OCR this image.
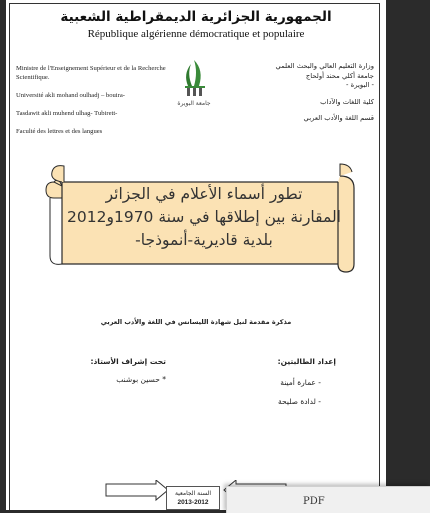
الجمهورية الجزائرية الديمقراطية الشعبية
République algérienne démocratique et populaire
Ministre de l'Enseignement Supérieur et de la Recherche Scientifique.
Université akli mohand oulhadj – bouira-
Tasdawit akli muhend ulhag- Tubirett-
Faculté des lettres et des langues
وزارة التعليم العالي والبحث العلمي
جامعة أكلي محند أولحاج
- البويرة -
كلية اللغات والآداب
قسم اللغة والأدب العربي
جامعة البويرة
تطور أسماء الأعلام في الجزائر
المقارنة بين إطلاقها في سنة 1970و2012
بلدية قاديرية-أنموذجا-
مذكرة مقدمة لنيل شهادة الليسانس في اللغة والأدب العربي
تحت إشراف الأستاذ:
* حسين بوشنب
إعداد الطالبتين:
- عمارة أمينة
- لدادة صليحة
السنة الجامعية
2013-2012	PDF
